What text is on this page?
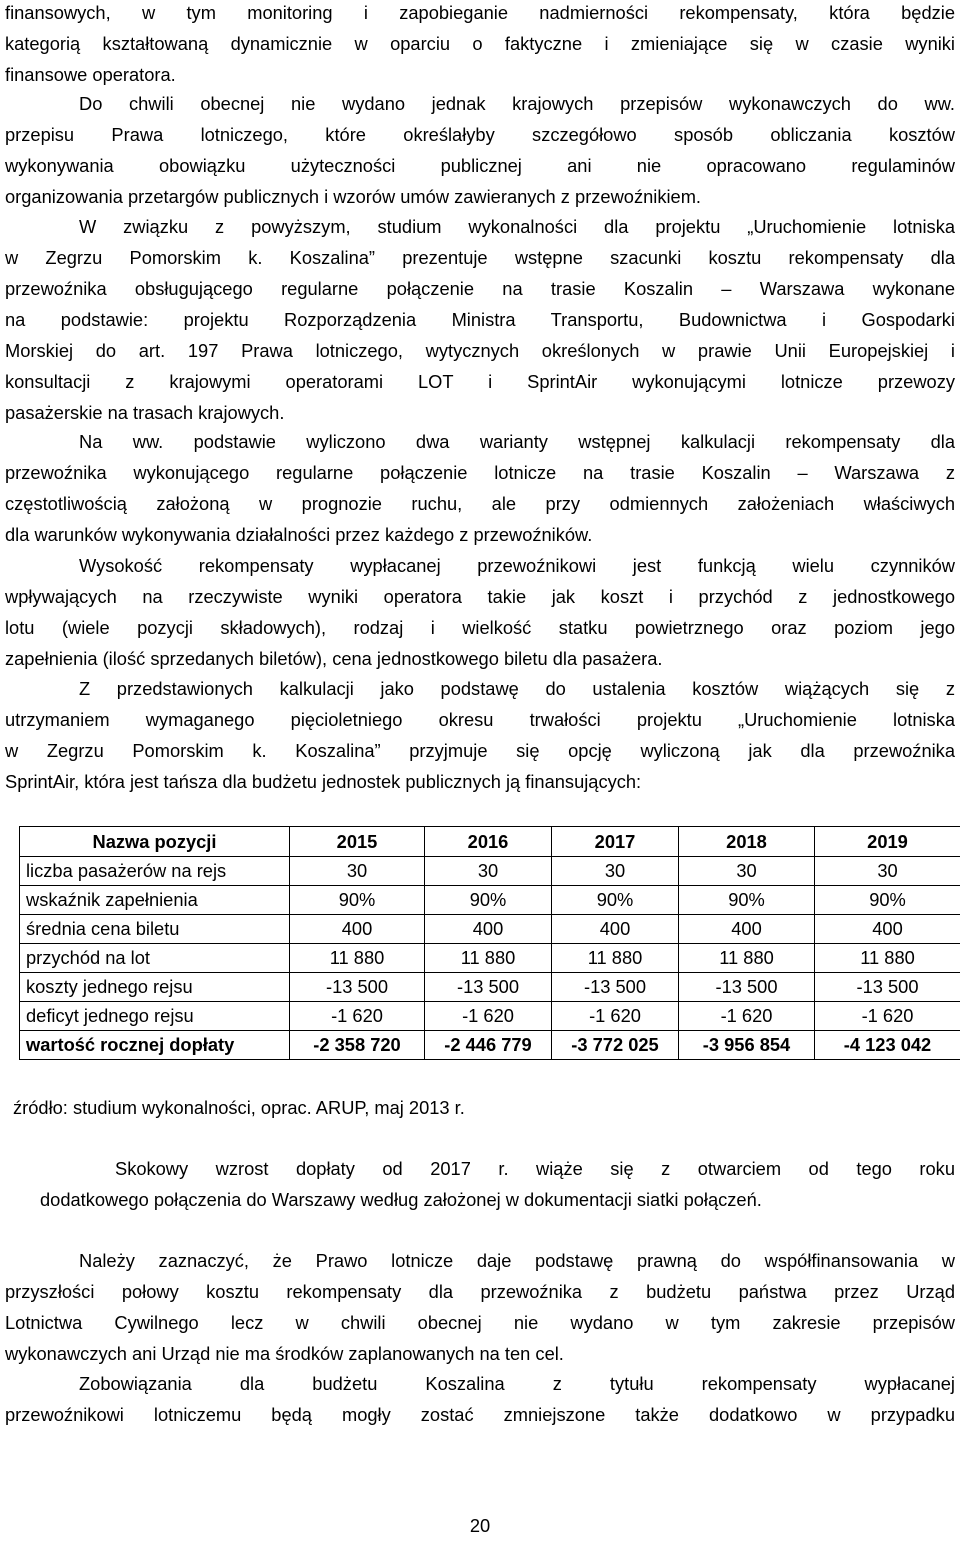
finansowych, w tym monitoring i zapobieganie nadmierności rekompensaty, która będzie
kategorią kształtowaną dynamicznie w oparciu o faktyczne i zmieniające się w czasie wyniki
finansowe operatora.
Do chwili obecnej nie wydano jednak krajowych przepisów wykonawczych do ww.
przepisu Prawa lotniczego, które określałyby szczegółowo sposób obliczania kosztów
wykonywania obowiązku użyteczności publicznej ani nie opracowano regulaminów
organizowania przetargów publicznych i wzorów umów zawieranych z przewoźnikiem.
W związku z powyższym, studium wykonalności dla projektu „Uruchomienie lotniska
w Zegrzu Pomorskim k. Koszalina” prezentuje wstępne szacunki kosztu rekompensaty dla
przewoźnika obsługującego regularne połączenie na trasie Koszalin – Warszawa wykonane
na podstawie: projektu Rozporządzenia Ministra Transportu, Budownictwa i Gospodarki
Morskiej do art. 197 Prawa lotniczego, wytycznych określonych w prawie Unii Europejskiej i
konsultacji z krajowymi operatorami LOT i SprintAir wykonującymi lotnicze przewozy
pasażerskie na trasach krajowych.
Na ww. podstawie wyliczono dwa warianty wstępnej kalkulacji rekompensaty dla
przewoźnika wykonującego regularne połączenie lotnicze na trasie Koszalin – Warszawa z
częstotliwością założoną w prognozie ruchu, ale przy odmiennych założeniach właściwych
dla warunków wykonywania działalności przez każdego z przewoźników.
Wysokość rekompensaty wypłacanej przewoźnikowi jest funkcją wielu czynników
wpływających na rzeczywiste wyniki operatora takie jak koszt i przychód z jednostkowego
lotu (wiele pozycji składowych), rodzaj i wielkość statku powietrznego oraz poziom jego
zapełnienia (ilość sprzedanych biletów), cena jednostkowego biletu dla pasażera.
Z przedstawionych kalkulacji jako podstawę do ustalenia kosztów wiążących się z
utrzymaniem wymaganego pięcioletniego okresu trwałości projektu „Uruchomienie lotniska
w Zegrzu Pomorskim k. Koszalina” przyjmuje się opcję wyliczoną jak dla przewoźnika
SprintAir, która jest tańsza dla budżetu jednostek publicznych ją finansujących:
Nazwa pozycji	2015	2016	2017	2018	2019
liczba pasażerów na rejs	30	30	30	30	30
wskaźnik zapełnienia	90%	90%	90%	90%	90%
średnia cena biletu	400	400	400	400	400
przychód na lot	11 880	11 880	11 880	11 880	11 880
koszty jednego rejsu	-13 500	-13 500	-13 500	-13 500	-13 500
deficyt jednego rejsu	-1 620	-1 620	-1 620	-1 620	-1 620
wartość rocznej dopłaty	-2 358 720	-2 446 779	-3 772 025	-3 956 854	-4 123 042
źródło: studium wykonalności, oprac. ARUP, maj 2013 r.
Skokowy wzrost dopłaty od 2017 r. wiąże się z otwarciem od tego roku
dodatkowego połączenia do Warszawy według założonej w dokumentacji siatki połączeń.
Należy zaznaczyć, że Prawo lotnicze daje podstawę prawną do współfinansowania w
przyszłości połowy kosztu rekompensaty dla przewoźnika z budżetu państwa przez Urząd
Lotnictwa Cywilnego lecz w chwili obecnej nie wydano w tym zakresie przepisów
wykonawczych ani Urząd nie ma środków zaplanowanych na ten cel.
Zobowiązania dla budżetu Koszalina z tytułu rekompensaty wypłacanej
przewoźnikowi lotniczemu będą mogły zostać zmniejszone także dodatkowo w przypadku
20
